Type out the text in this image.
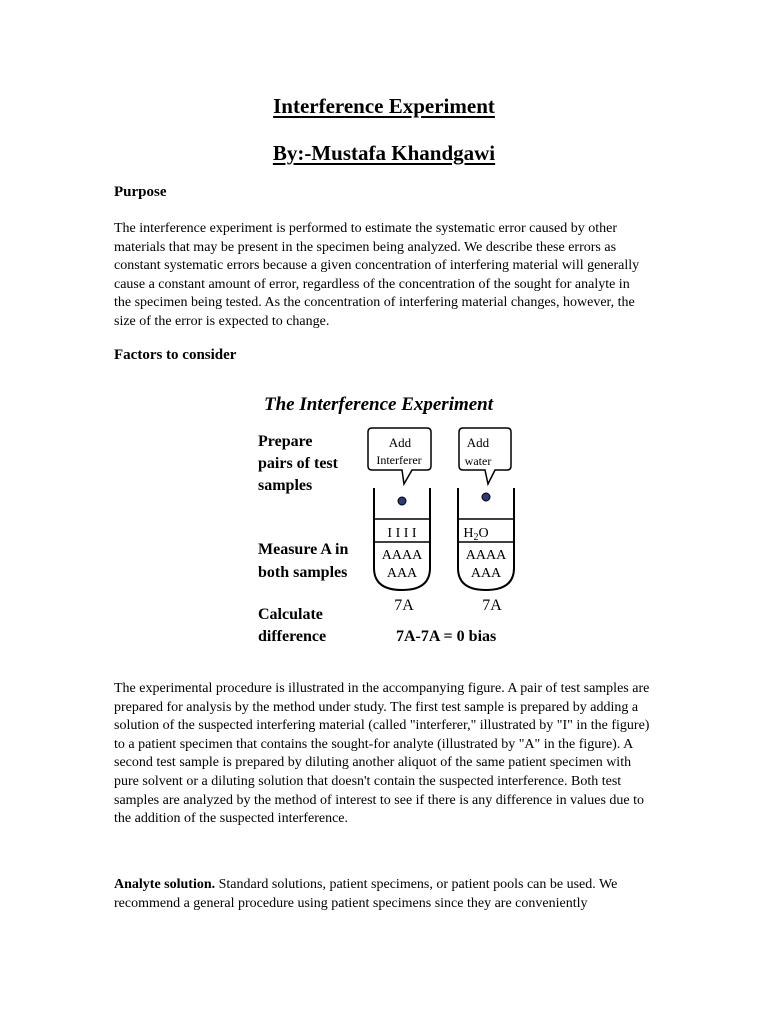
Interference Experiment
By:-Mustafa Khandgawi
Purpose

The interference experiment is performed to estimate the systematic error caused by other materials that may be present in the specimen being analyzed. We describe these errors as constant systematic errors because a given concentration of interfering material will generally cause a constant amount of error, regardless of the concentration of the sought for analyte in the specimen being tested. As the concentration of interfering material changes, however, the size of the error is expected to change.

Factors to consider
The Interference Experiment
Prepare
pairs of test
samples
Measure A in
both samples
Calculate
difference
Add
Interferer
Add
water
I I I I
AAAA
AAA
$H_2O$
AAAA
AAA
7A	7A
7A-7A = 0 bias

The experimental procedure is illustrated in the accompanying figure. A pair of test samples are prepared for analysis by the method under study. The first test sample is prepared by adding a solution of the suspected interfering material (called "interferer," illustrated by "I" in the figure) to a patient specimen that contains the sought-for analyte (illustrated by "A" in the figure). A second test sample is prepared by diluting another aliquot of the same patient specimen with pure solvent or a diluting solution that doesn't contain the suspected interference. Both test samples are analyzed by the method of interest to see if there is any difference in values due to the addition of the suspected interference.

Analyte solution. Standard solutions, patient specimens, or patient pools can be used. We recommend a general procedure using patient specimens since they are conveniently
